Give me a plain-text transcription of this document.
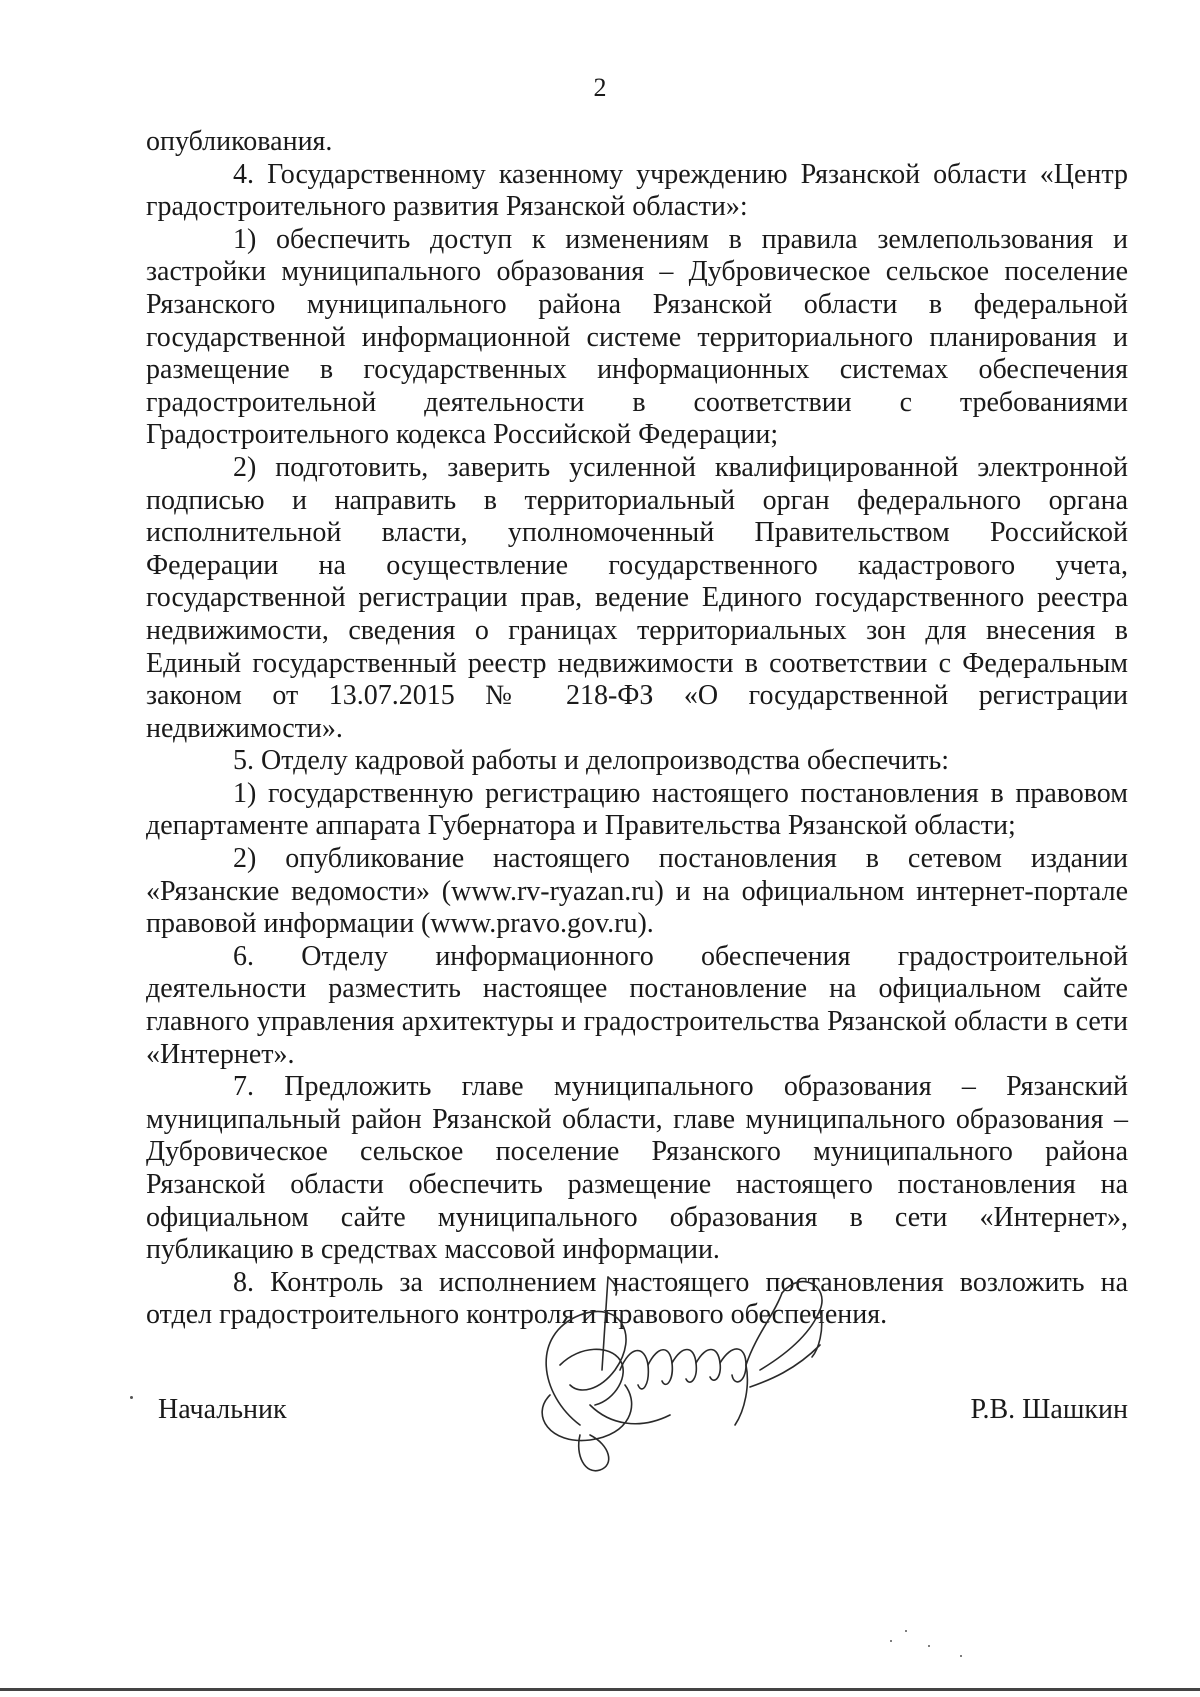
2

опубликования.

4. Государственному казенному учреждению Рязанской области «Центр градостроительного развития Рязанской области»:

1) обеспечить доступ к изменениям в правила землепользования и застройки муниципального образования – Дубровическое сельское поселение Рязанского муниципального района Рязанской области в федеральной государственной информационной системе территориального планирования и размещение в государственных информационных системах обеспечения градостроительной деятельности в соответствии с требованиями Градостроительного кодекса Российской Федерации;

2) подготовить, заверить усиленной квалифицированной электронной подписью и направить в территориальный орган федерального органа исполнительной власти, уполномоченный Правительством Российской Федерации на осуществление государственного кадастрового учета, государственной регистрации прав, ведение Единого государственного реестра недвижимости, сведения о границах территориальных зон для внесения в Единый государственный реестр недвижимости в соответствии с Федеральным законом от 13.07.2015 № 218-ФЗ «О государственной регистрации недвижимости».

5. Отделу кадровой работы и делопроизводства обеспечить:

1) государственную регистрацию настоящего постановления в правовом департаменте аппарата Губернатора и Правительства Рязанской области;

2) опубликование настоящего постановления в сетевом издании «Рязанские ведомости» (www.rv-ryazan.ru) и на официальном интернет-портале правовой информации (www.pravo.gov.ru).

6. Отделу информационного обеспечения градостроительной деятельности разместить настоящее постановление на официальном сайте главного управления архитектуры и градостроительства Рязанской области в сети «Интернет».

7. Предложить главе муниципального образования – Рязанский муниципальный район Рязанской области, главе муниципального образования – Дубровическое сельское поселение Рязанского муниципального района Рязанской области обеспечить размещение настоящего постановления на официальном сайте муниципального образования в сети «Интернет», публикацию в средствах массовой информации.

8. Контроль за исполнением настоящего постановления возложить на отдел градостроительного контроля и правового обеспечения.

Начальник	Р.В. Шашкин
